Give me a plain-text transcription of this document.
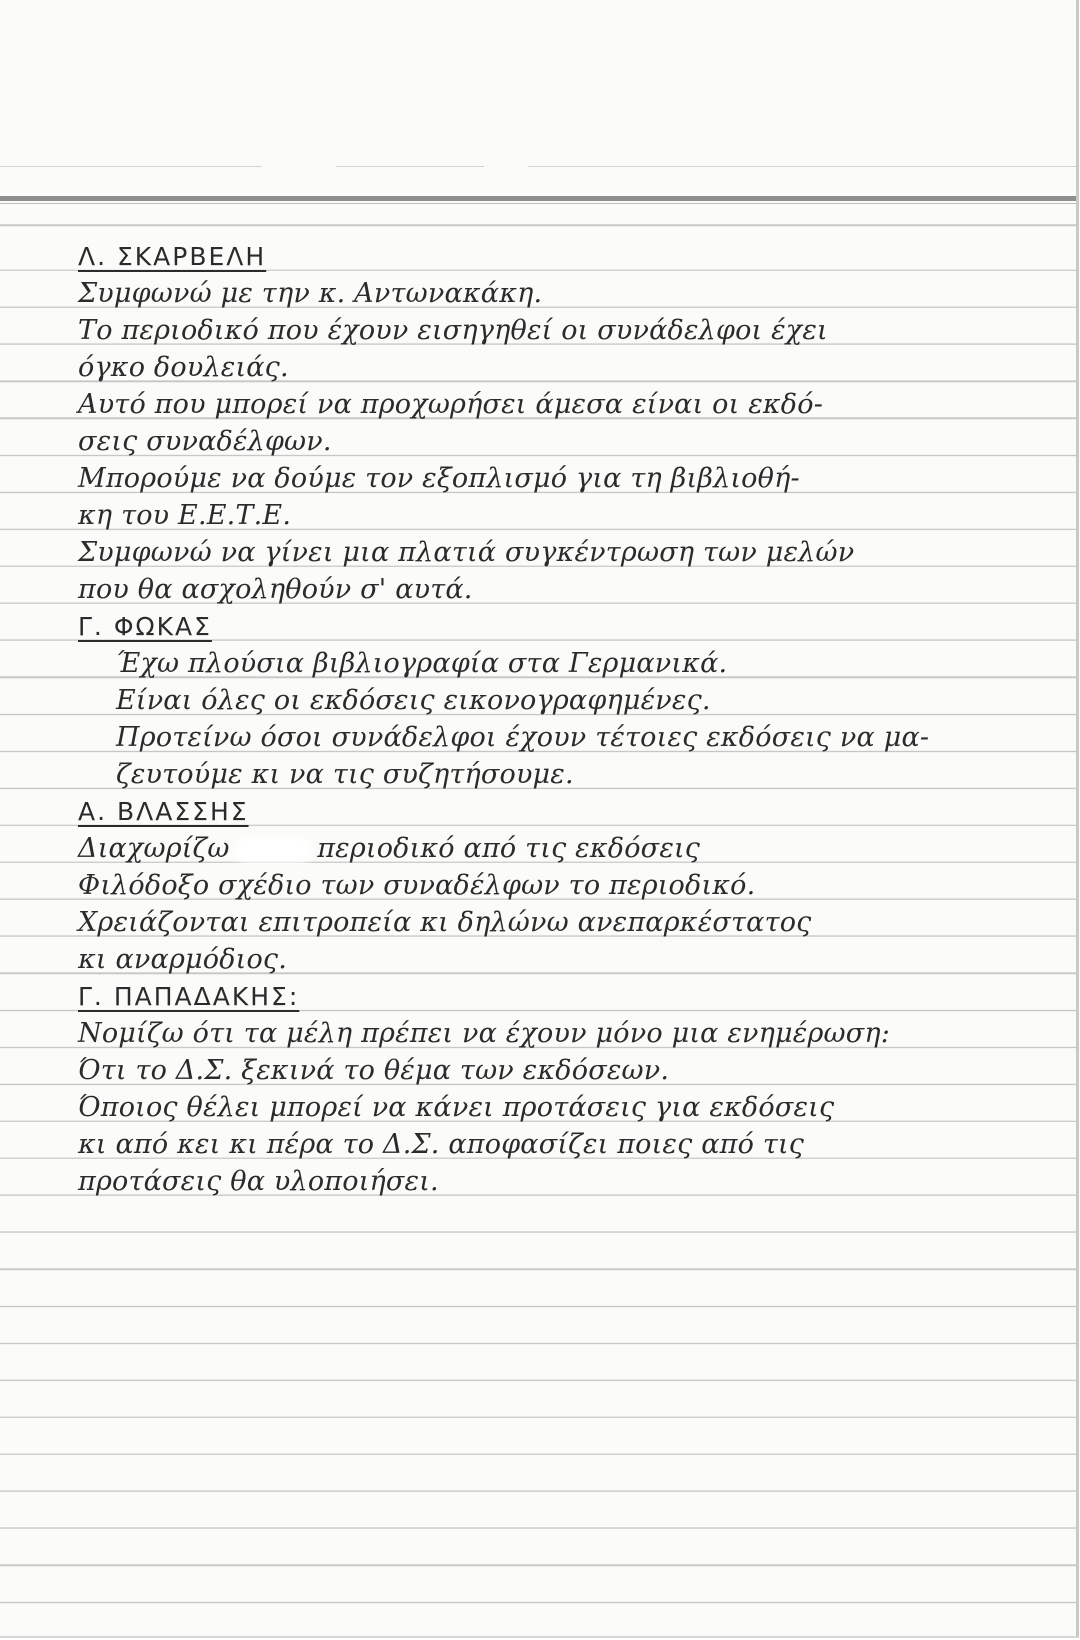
Λ. ΣΚΑΡΒΕΛΗ
Συμφωνώ με την κ. Αντωνακάκη.
Το περιοδικό που έχουν εισηγηθεί οι συνάδελφοι έχει
όγκο δουλειάς.
Αυτό που μπορεί να προχωρήσει άμεσα είναι οι εκδό-
σεις συναδέλφων.
Μπορούμε να δούμε τον εξοπλισμό για τη βιβλιοθή-
κη του Ε.Ε.Τ.Ε.
Συμφωνώ να γίνει μια πλατιά συγκέντρωση των μελών
που θα ασχοληθούν σ' αυτά.
Γ. ΦΩΚΑΣ
Έχω πλούσια βιβλιογραφία στα Γερμανικά.
Είναι όλες οι εκδόσεις εικονογραφημένες.
Προτείνω όσοι συνάδελφοι έχουν τέτοιες εκδόσεις να μα-
ζευτούμε κι να τις συζητήσουμε.
Α. ΒΛΑΣΣΗΣ
Διαχωρίζω	περιοδικό από τις εκδόσεις
Φιλόδοξο σχέδιο των συναδέλφων το περιοδικό.
Χρειάζονται επιτροπεία κι δηλώνω ανεπαρκέστατος
κι αναρμόδιος.
Γ. ΠΑΠΑΔΑΚΗΣ:
Νομίζω ότι τα μέλη πρέπει να έχουν μόνο μια ενημέρωση:
Ότι το Δ.Σ. ξεκινά το θέμα των εκδόσεων.
Όποιος θέλει μπορεί να κάνει προτάσεις για εκδόσεις
κι από κει κι πέρα το Δ.Σ. αποφασίζει ποιες από τις
προτάσεις θα υλοποιήσει.
